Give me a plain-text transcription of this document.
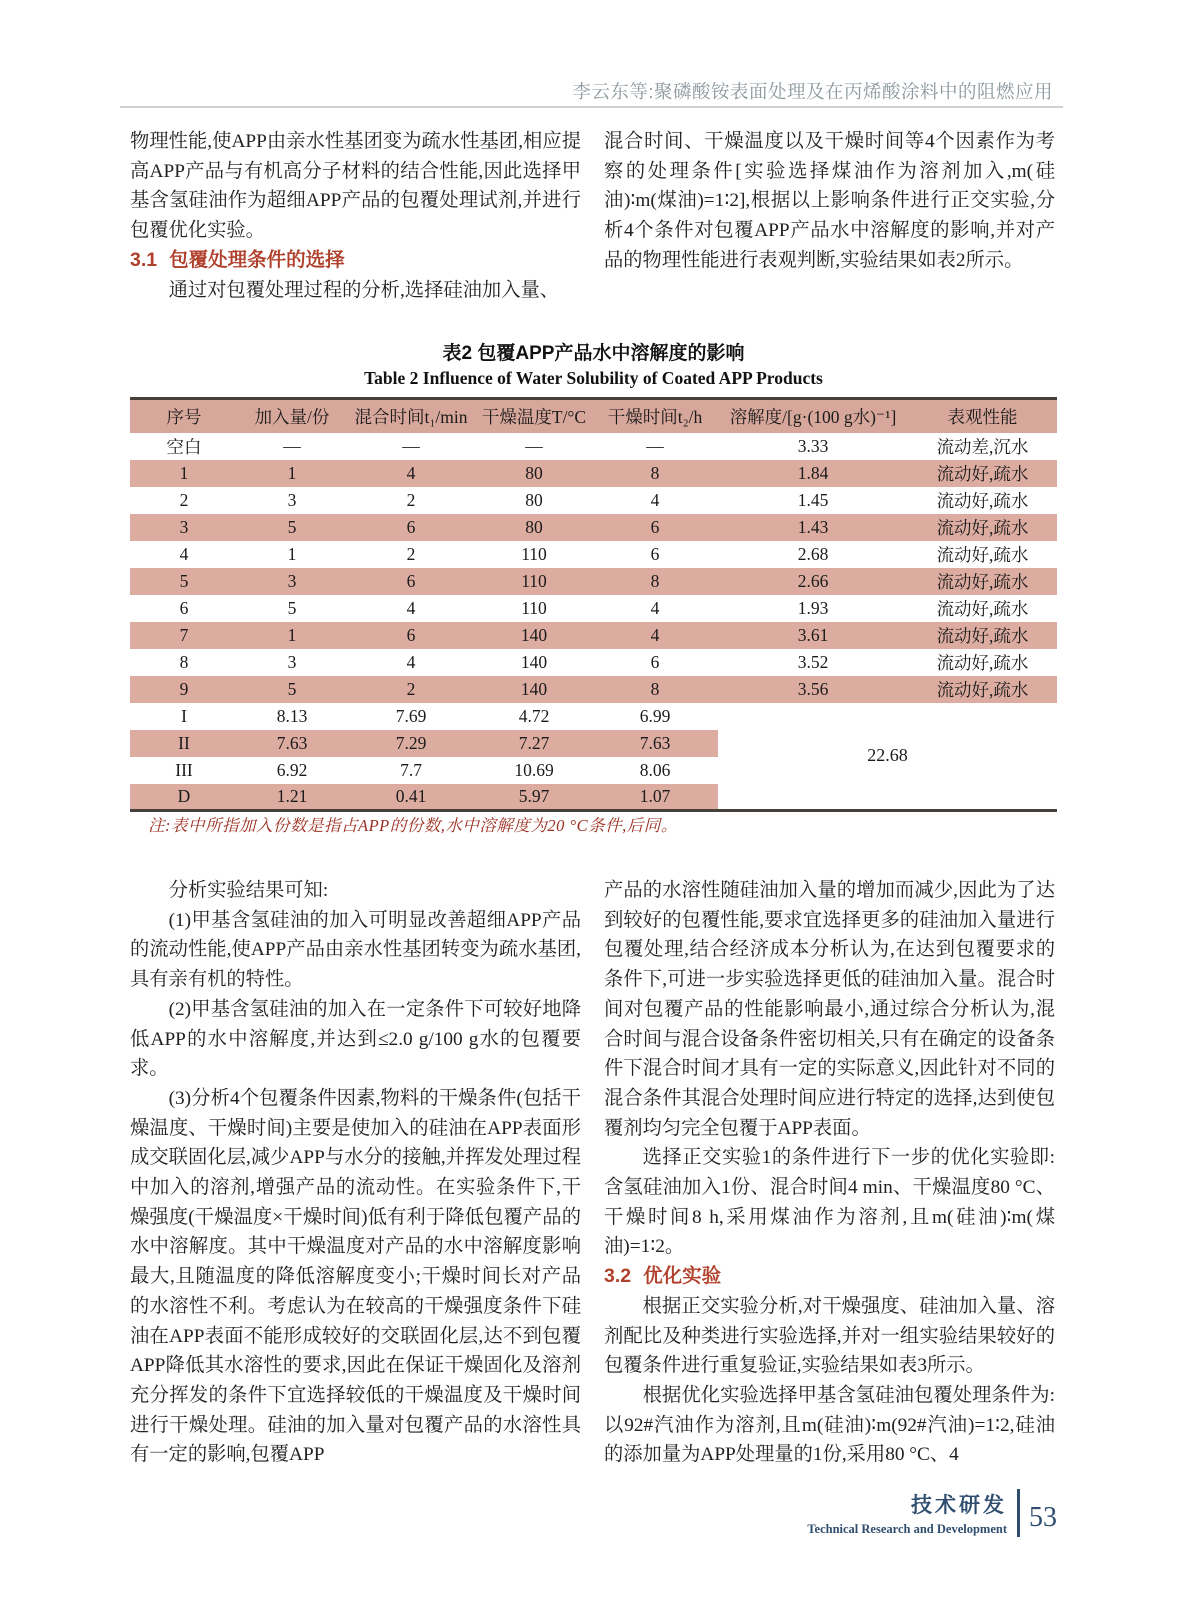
李云东等:聚磷酸铵表面处理及在丙烯酸涂料中的阻燃应用

物理性能,使APP由亲水性基团变为疏水性基团,相应提高APP产品与有机高分子材料的结合性能,因此选择甲基含氢硅油作为超细APP产品的包覆处理试剂,并进行包覆优化实验。

3.1 包覆处理条件的选择

通过对包覆处理过程的分析,选择硅油加入量、

混合时间、干燥温度以及干燥时间等4个因素作为考察的处理条件[实验选择煤油作为溶剂加入,m(硅油)∶m(煤油)=1∶2],根据以上影响条件进行正交实验,分析4个条件对包覆APP产品水中溶解度的影响,并对产品的物理性能进行表观判断,实验结果如表2所示。

表2 包覆APP产品水中溶解度的影响
Table 2 Influence of Water Solubility of Coated APP Products
序号	加入量/份	混合时间t₁/min	干燥温度T/°C	干燥时间t₂/h	溶解度/[g·(100 g水)⁻¹]	表观性能
空白	—	—	—	—	3.33	流动差,沉水
1	1	4	80	8	1.84	流动好,疏水
2	3	2	80	4	1.45	流动好,疏水
3	5	6	80	6	1.43	流动好,疏水
4	1	2	110	6	2.68	流动好,疏水
5	3	6	110	8	2.66	流动好,疏水
6	5	4	110	4	1.93	流动好,疏水
7	1	6	140	4	3.61	流动好,疏水
8	3	4	140	6	3.52	流动好,疏水
9	5	2	140	8	3.56	流动好,疏水
I	8.13	7.69	4.72	6.99	22.68	
II	7.63	7.29	7.27	7.63		
III	6.92	7.7	10.69	8.06		
D	1.21	0.41	5.97	1.07		
注:表中所指加入份数是指占APP的份数,水中溶解度为20 °C条件,后同。

分析实验结果可知:

(1)甲基含氢硅油的加入可明显改善超细APP产品的流动性能,使APP产品由亲水性基团转变为疏水基团,具有亲有机的特性。

(2)甲基含氢硅油的加入在一定条件下可较好地降低APP的水中溶解度,并达到≤2.0 g/100 g水的包覆要求。

(3)分析4个包覆条件因素,物料的干燥条件(包括干燥温度、干燥时间)主要是使加入的硅油在APP表面形成交联固化层,减少APP与水分的接触,并挥发处理过程中加入的溶剂,增强产品的流动性。在实验条件下,干燥强度(干燥温度×干燥时间)低有利于降低包覆产品的水中溶解度。其中干燥温度对产品的水中溶解度影响最大,且随温度的降低溶解度变小;干燥时间长对产品的水溶性不利。考虑认为在较高的干燥强度条件下硅油在APP表面不能形成较好的交联固化层,达不到包覆APP降低其水溶性的要求,因此在保证干燥固化及溶剂充分挥发的条件下宜选择较低的干燥温度及干燥时间进行干燥处理。硅油的加入量对包覆产品的水溶性具有一定的影响,包覆APP

产品的水溶性随硅油加入量的增加而减少,因此为了达到较好的包覆性能,要求宜选择更多的硅油加入量进行包覆处理,结合经济成本分析认为,在达到包覆要求的条件下,可进一步实验选择更低的硅油加入量。混合时间对包覆产品的性能影响最小,通过综合分析认为,混合时间与混合设备条件密切相关,只有在确定的设备条件下混合时间才具有一定的实际意义,因此针对不同的混合条件其混合处理时间应进行特定的选择,达到使包覆剂均匀完全包覆于APP表面。

选择正交实验1的条件进行下一步的优化实验即:含氢硅油加入1份、混合时间4 min、干燥温度80 °C、干燥时间8 h,采用煤油作为溶剂,且m(硅油)∶m(煤油)=1∶2。

3.2 优化实验

根据正交实验分析,对干燥强度、硅油加入量、溶剂配比及种类进行实验选择,并对一组实验结果较好的包覆条件进行重复验证,实验结果如表3所示。

根据优化实验选择甲基含氢硅油包覆处理条件为:以92#汽油作为溶剂,且m(硅油)∶m(92#汽油)=1∶2,硅油的添加量为APP处理量的1份,采用80 °C、4

技术研发
Technical Research and Development 53
